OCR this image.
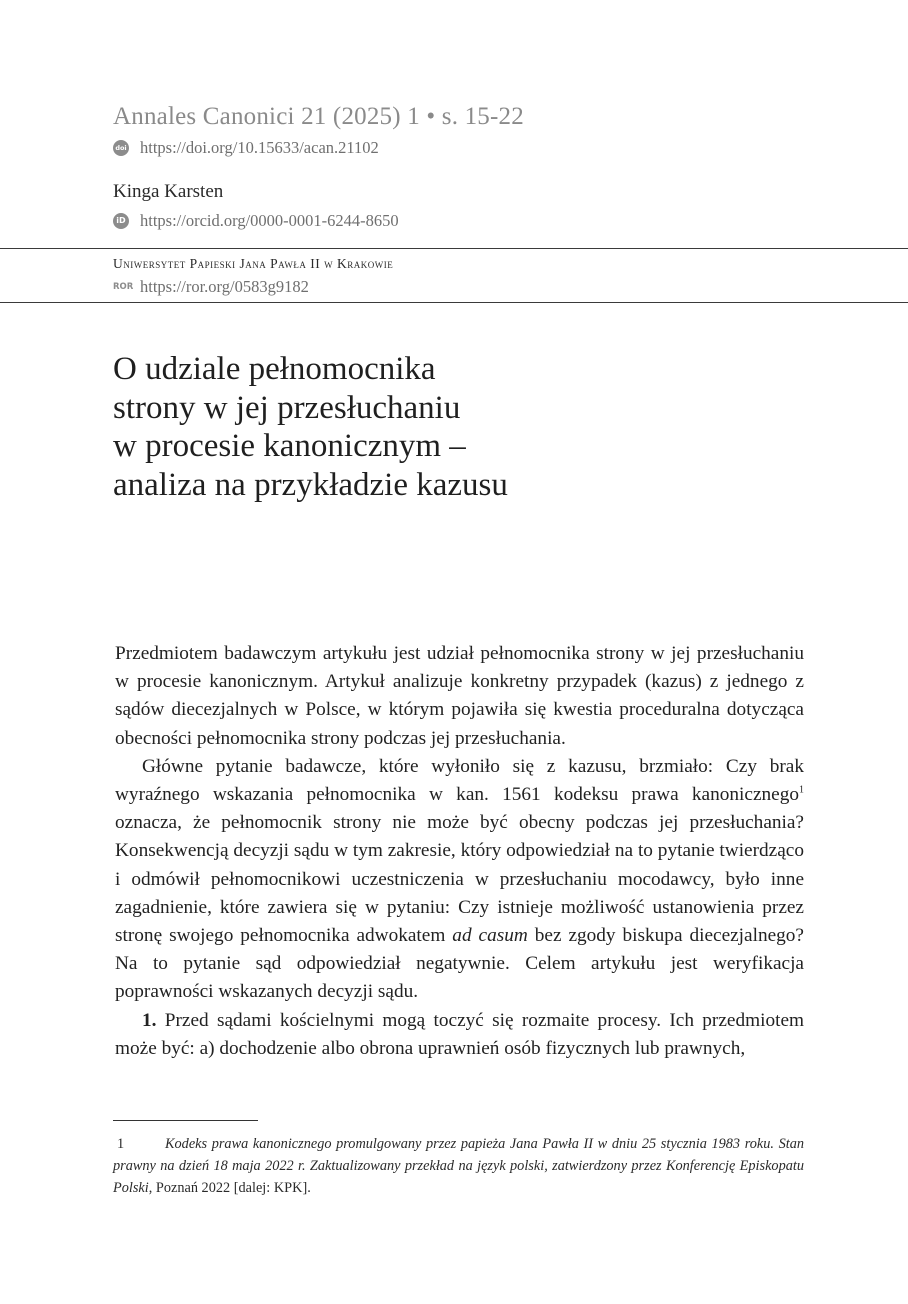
Annales Canonici 21 (2025) 1 • s. 15-22
doi https://doi.org/10.15633/acan.21102
Kinga Karsten
iD https://orcid.org/0000-0001-6244-8650
Uniwersytet Papieski Jana Pawła II w Krakowie
ROR https://ror.org/0583g9182
O udziale pełnomocnika
strony w jej przesłuchaniu
w procesie kanonicznym –
analiza na przykładzie kazusu

Przedmiotem badawczym artykułu jest udział pełnomocnika strony w jej przesłuchaniu w procesie kanonicznym. Artykuł analizuje konkretny przypadek (kazus) z jednego z sądów diecezjalnych w Polsce, w którym pojawiła się kwestia proceduralna dotycząca obecności pełnomocnika strony podczas jej przesłuchania.

Główne pytanie badawcze, które wyłoniło się z kazusu, brzmiało: Czy brak wyraźnego wskazania pełnomocnika w kan. 1561 kodeksu prawa kanonicznego$^1$ oznacza, że pełnomocnik strony nie może być obecny podczas jej przesłuchania? Konsekwencją decyzji sądu w tym zakresie, który odpowiedział na to pytanie twierdząco i odmówił pełnomocnikowi uczestniczenia w przesłuchaniu mocodawcy, było inne zagadnienie, które zawiera się w pytaniu: Czy istnieje możliwość ustanowienia przez stronę swojego pełnomocnika adwokatem ad casum bez zgody biskupa diecezjalnego? Na to pytanie sąd odpowiedział negatywnie. Celem artykułu jest weryfikacja poprawności wskazanych decyzji sądu.

1. Przed sądami kościelnymi mogą toczyć się rozmaite procesy. Ich przedmiotem może być: a) dochodzenie albo obrona uprawnień osób fizycznych lub prawnych,

1	Kodeks prawa kanonicznego promulgowany przez papieża Jana Pawła II w dniu 25 stycznia 1983 roku. Stan prawny na dzień 18 maja 2022 r. Zaktualizowany przekład na język polski, zatwierdzony przez Konferencję Episkopatu Polski, Poznań 2022 [dalej: KPK].
